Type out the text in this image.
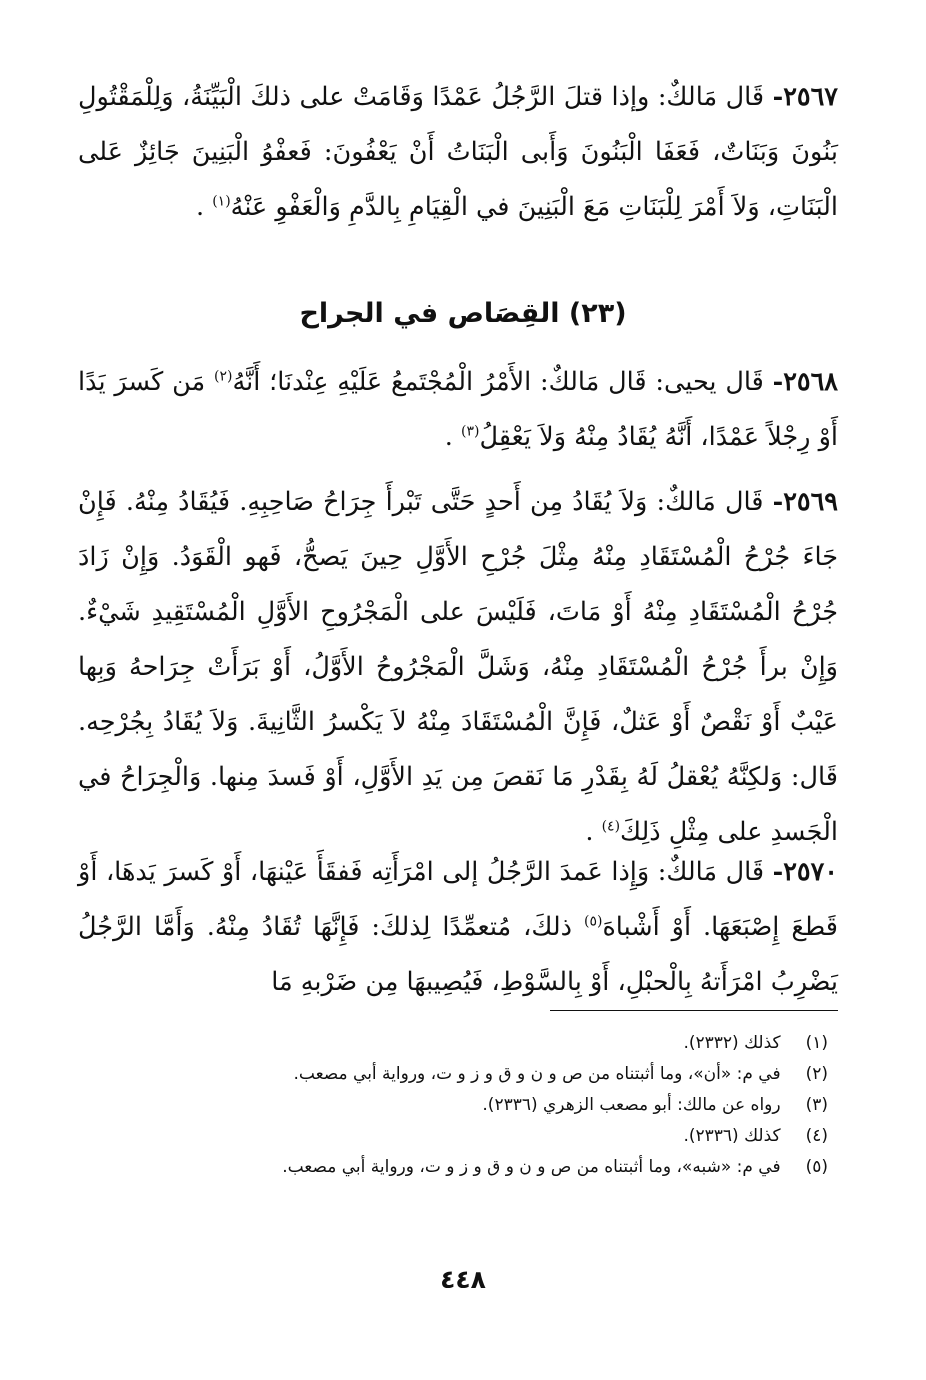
٢٥٦٧- قَال مَالكٌ: وإذا قتلَ الرَّجُلُ عَمْدًا وَقَامَتْ على ذلكَ الْبَيِّنَةُ، وَلِلْمَقْتُولِ بَنُونَ وَبَنَاتٌ، فَعَفَا الْبَنُونَ وَأَبى الْبَنَاتُ أَنْ يَعْفُونَ: فَعفْوُ الْبَنِينَ جَائِزٌ عَلى الْبَنَاتِ، وَلاَ أَمْرَ لِلْبَنَاتِ مَعَ الْبَنِينَ في الْقِيَامِ بِالدَّمِ وَالْعَفْوِ عَنْهُ$^{(١)}$ .
(٢٣) القِصَاص في الجراح
٢٥٦٨- قَال يحيى: قَال مَالكٌ: الأَمْرُ الْمُجْتَمعُ عَلَيْهِ عِنْدنَا؛ أَنَّهُ$^{(٢)}$ مَن كَسرَ يَدًا أَوْ رِجْلاً عَمْدًا، أَنَّهُ يُقَادُ مِنْهُ وَلاَ يَعْقِلُ$^{(٣)}$ .
٢٥٦٩- قَال مَالكٌ: وَلاَ يُقَادُ مِن أَحدٍ حَتَّى تَبْرأَ جِرَاحُ صَاحِبِهِ. فَيُقَادُ مِنْهُ. فَإِنْ جَاءَ جُرْحُ الْمُسْتَقَادِ مِنْهُ مِثْلَ جُرْحِ الأَوَّلِ حِينَ يَصحُّ، فَهو الْقَوَدُ. وَإِنْ زَادَ جُرْحُ الْمُسْتَقَادِ مِنْهُ أَوْ مَاتَ، فَلَيْسَ على الْمَجْرُوحِ الأَوَّلِ الْمُسْتَقِيدِ شَيْءٌ. وَإِنْ برأَ جُرْحُ الْمُسْتَقَادِ مِنْهُ، وَشَلَّ الْمَجْرُوحُ الأَوَّلُ، أَوْ بَرَأَتْ جِرَاحهُ وَبِها عَيْبٌ أَوْ نَقْصٌ أَوْ عَثلٌ، فَإِنَّ الْمُسْتَقَادَ مِنْهُ لاَ يَكْسرُ الثَّانِيةَ. وَلاَ يُقَادُ بِجُرْحِه. قَال: وَلكِنَّهُ يُعْقلُ لَهُ بِقَدْرِ مَا نَقصَ مِن يَدِ الأَوَّلِ، أَوْ فَسدَ مِنها. وَالْجِرَاحُ في الْجَسدِ على مِثْلِ ذَلِكَ$^{(٤)}$ .
٢٥٧٠- قَال مَالكٌ: وَإِذا عَمدَ الرَّجُلُ إلى امْرَأَتِه فَفقَأَ عَيْنهَا، أَوْ كَسرَ يَدهَا، أَوْ قَطعَ إِصْبَعَهَا. أَوْ أَشْباهَ$^{(٥)}$ ذلكَ، مُتعمِّدًا لِذلكَ: فَإِنَّهَا تُقَادُ مِنْهُ. وَأَمَّا الرَّجُلُ يَضْرِبُ امْرَأَتهُ بِالْحبْلِ، أَوْ بِالسَّوْطِ، فَيُصِيبهَا مِن ضَرْبهِ مَا
(١) كذلك (٢٣٣٢).
(٢) في م: «أن»، وما أثبتناه من ص و ن و ق و ز و ت، ورواية أبي مصعب.
(٣) رواه عن مالك: أبو مصعب الزهري (٢٣٣٦).
(٤) كذلك (٢٣٣٦).
(٥) في م: «شبه»، وما أثبتناه من ص و ن و ق و ز و ت، ورواية أبي مصعب.
٤٤٨
